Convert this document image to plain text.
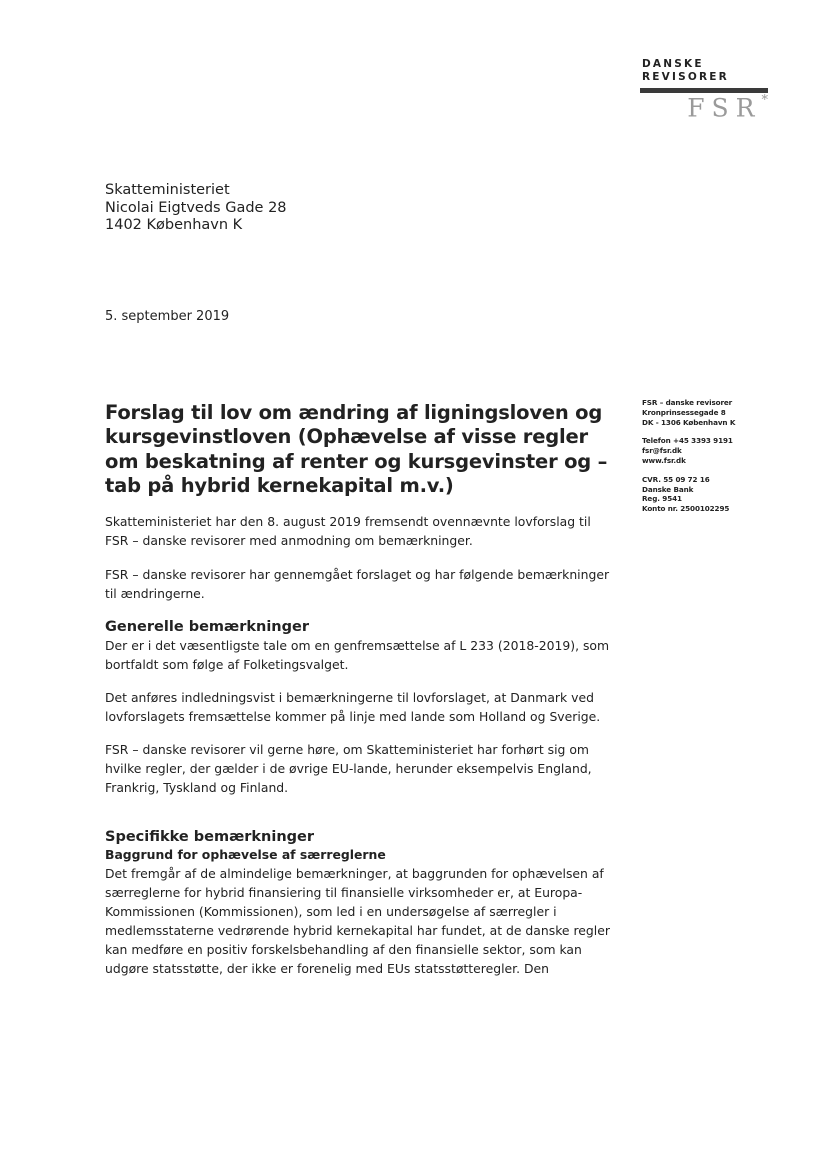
DANSKE
REVISORER
FSR*
Skatteministeriet
Nicolai Eigtveds Gade 28
1402 København K
5. september 2019
FSR – danske revisorer
Kronprinsessegade 8
DK - 1306 København K
Telefon +45 3393 9191
fsr@fsr.dk
www.fsr.dk
CVR. 55 09 72 16
Danske Bank
Reg. 9541
Konto nr. 2500102295
Forslag til lov om ændring af ligningsloven og kursgevinstloven (Ophævelse af visse regler om beskatning af renter og kursgevinster og – tab på hybrid kernekapital m.v.)
Skatteministeriet har den 8. august 2019 fremsendt ovennævnte lovforslag til FSR – danske revisorer med anmodning om bemærkninger.
FSR – danske revisorer har gennemgået forslaget og har følgende bemærkninger til ændringerne.
Generelle bemærkninger
Der er i det væsentligste tale om en genfremsættelse af L 233 (2018-2019), som bortfaldt som følge af Folketingsvalget.
Det anføres indledningsvist i bemærkningerne til lovforslaget, at Danmark ved lovforslagets fremsættelse kommer på linje med lande som Holland og Sverige.
FSR – danske revisorer vil gerne høre, om Skatteministeriet har forhørt sig om hvilke regler, der gælder i de øvrige EU-lande, herunder eksempelvis England, Frankrig, Tyskland og Finland.
Specifikke bemærkninger
Baggrund for ophævelse af særreglerne
Det fremgår af de almindelige bemærkninger, at baggrunden for ophævelsen af særreglerne for hybrid finansiering til finansielle virksomheder er, at Europa-Kommissionen (Kommissionen), som led i en undersøgelse af særregler i medlemsstaterne vedrørende hybrid kernekapital har fundet, at de danske regler kan medføre en positiv forskelsbehandling af den finansielle sektor, som kan udgøre statsstøtte, der ikke er forenelig med EUs statsstøtteregler. Den
